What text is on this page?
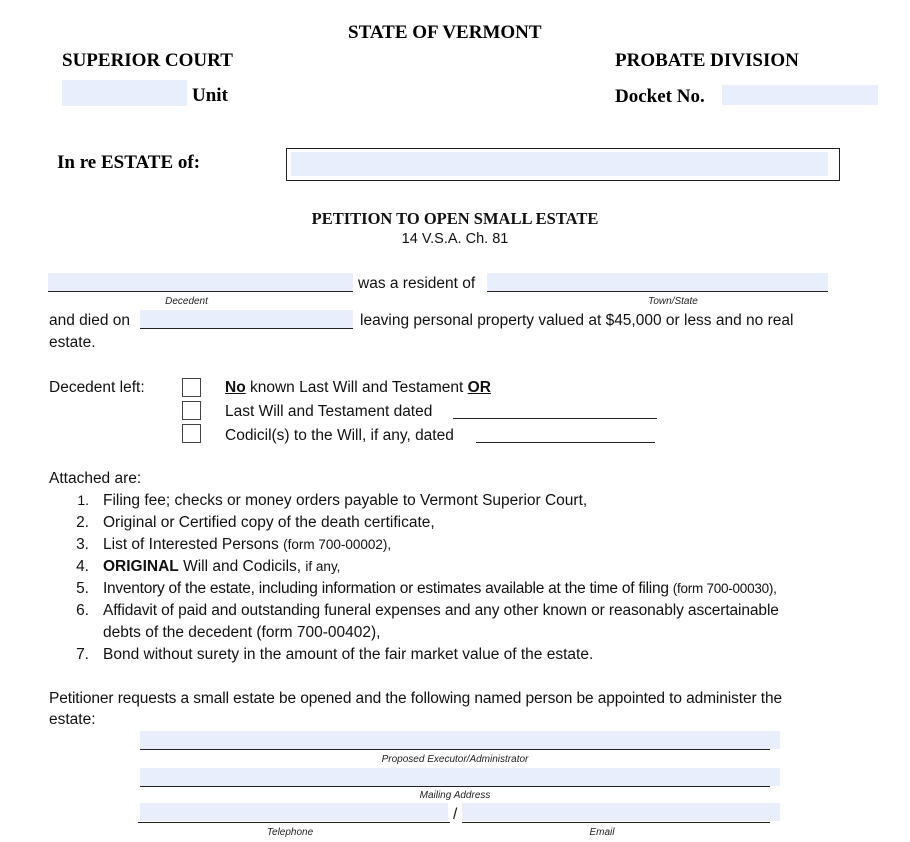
STATE OF VERMONT
SUPERIOR COURT	PROBATE DIVISION
Unit	Docket No.
In re ESTATE of:
PETITION TO OPEN SMALL ESTATE
14 V.S.A. Ch. 81
was a resident of
Decedent	Town/State
and died on	leaving personal property valued at $45,000 or less and no real
estate.
Decedent left:	No known Last Will and Testament OR
Last Will and Testament dated
Codicil(s) to the Will, if any, dated
Attached are:
1. Filing fee; checks or money orders payable to Vermont Superior Court,
2. Original or Certified copy of the death certificate,
3. List of Interested Persons (form 700-00002),
4. ORIGINAL Will and Codicils, if any,
5. Inventory of the estate, including information or estimates available at the time of filing (form 700-00030),
6. Affidavit of paid and outstanding funeral expenses and any other known or reasonably ascertainable
debts of the decedent (form 700-00402),
7. Bond without surety in the amount of the fair market value of the estate.
Petitioner requests a small estate be opened and the following named person be appointed to administer the
estate:
Proposed Executor/Administrator
Mailing Address
/
Telephone	Email
